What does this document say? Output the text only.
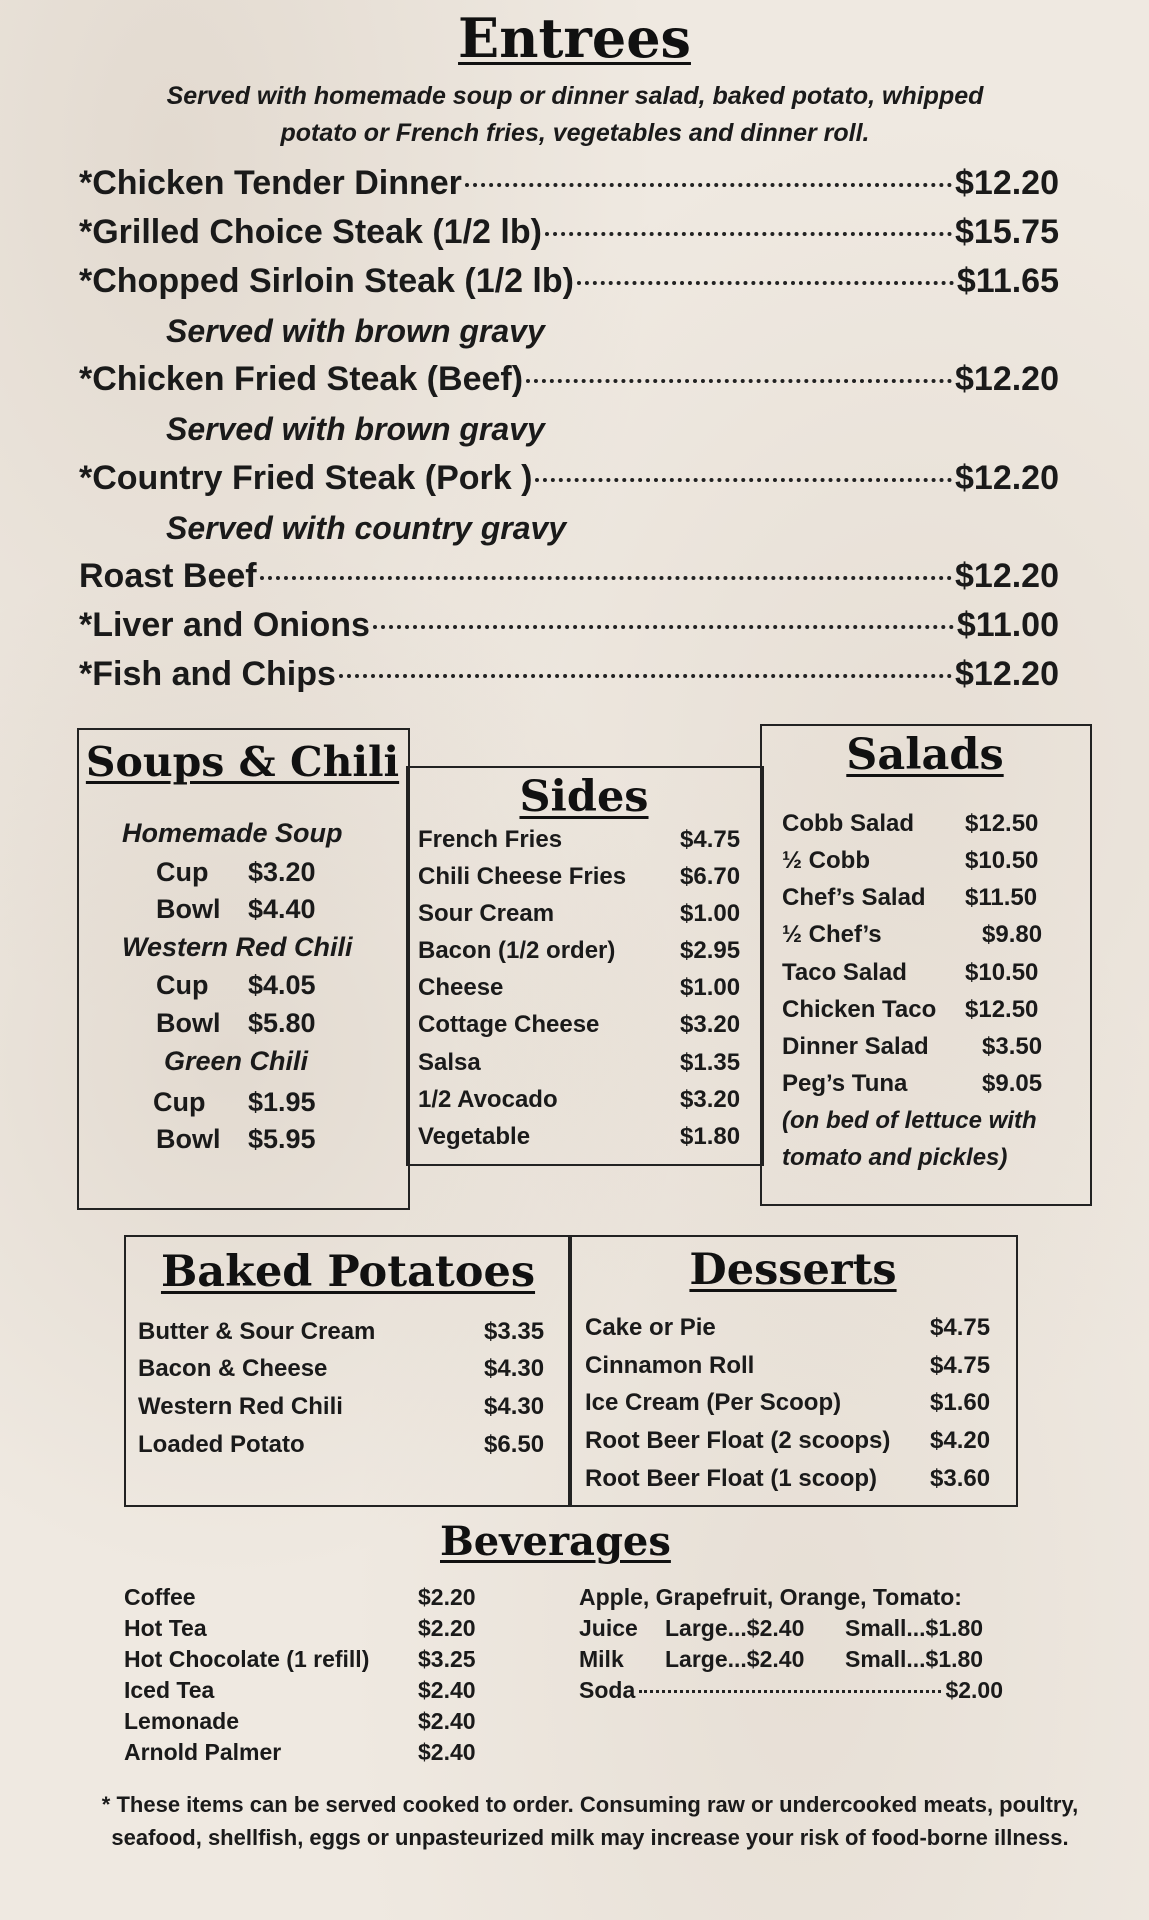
Entrees
Served with homemade soup or dinner salad, baked potato, whipped potato or French fries, vegetables and dinner roll.
*Chicken Tender Dinner	$12.20
*Grilled Choice Steak (1/2 lb)	$15.75
*Chopped Sirloin Steak (1/2 lb)	$11.65
Served with brown gravy
*Chicken Fried Steak (Beef)	$12.20
Served with brown gravy
*Country Fried Steak (Pork )	$12.20
Served with country gravy
Roast Beef	$12.20
*Liver and Onions	$11.00
*Fish and Chips	$12.20
Soups & Chili
Homemade Soup
Cup $3.20
Bowl $4.40
Western Red Chili
Cup $4.05
Bowl $5.80
Green Chili
Cup $1.95
Bowl $5.95
Sides
French Fries	$4.75
Chili Cheese Fries $6.70
Sour Cream	$1.00
Bacon (1/2 order)	$2.95
Cheese	$1.00
Cottage Cheese	$3.20
Salsa	$1.35
1/2 Avocado	$3.20
Vegetable	$1.80
Salads
Cobb Salad $12.50
½ Cobb	$10.50
Chef’s Salad $11.50
½ Chef’s	$9.80
Taco Salad $10.50
Chicken Taco $12.50
Dinner Salad $3.50
Peg’s Tuna	$9.05
(on bed of lettuce with
tomato and pickles)
Baked Potatoes
Butter & Sour Cream	$3.35
Bacon & Cheese	$4.30
Western Red Chili	$4.30
Loaded Potato	$6.50
Desserts
Cake or Pie	$4.75
Cinnamon Roll	$4.75
Ice Cream (Per Scoop)	$1.60
Root Beer Float (2 scoops) $4.20
Root Beer Float (1 scoop) $3.60
Beverages
Coffee	$2.20
Hot Tea	$2.20
Hot Chocolate (1 refill) $3.25
Iced Tea	$2.40
Lemonade	$2.40
Arnold Palmer	$2.40
Apple, Grapefruit, Orange, Tomato:
Juice Large...$2.40 Small...$1.80
Milk Large...$2.40 Small...$1.80
Soda	$2.00
* These items can be served cooked to order. Consuming raw or undercooked meats, poultry, seafood, shellfish, eggs or unpasteurized milk may increase your risk of food-borne illness.
